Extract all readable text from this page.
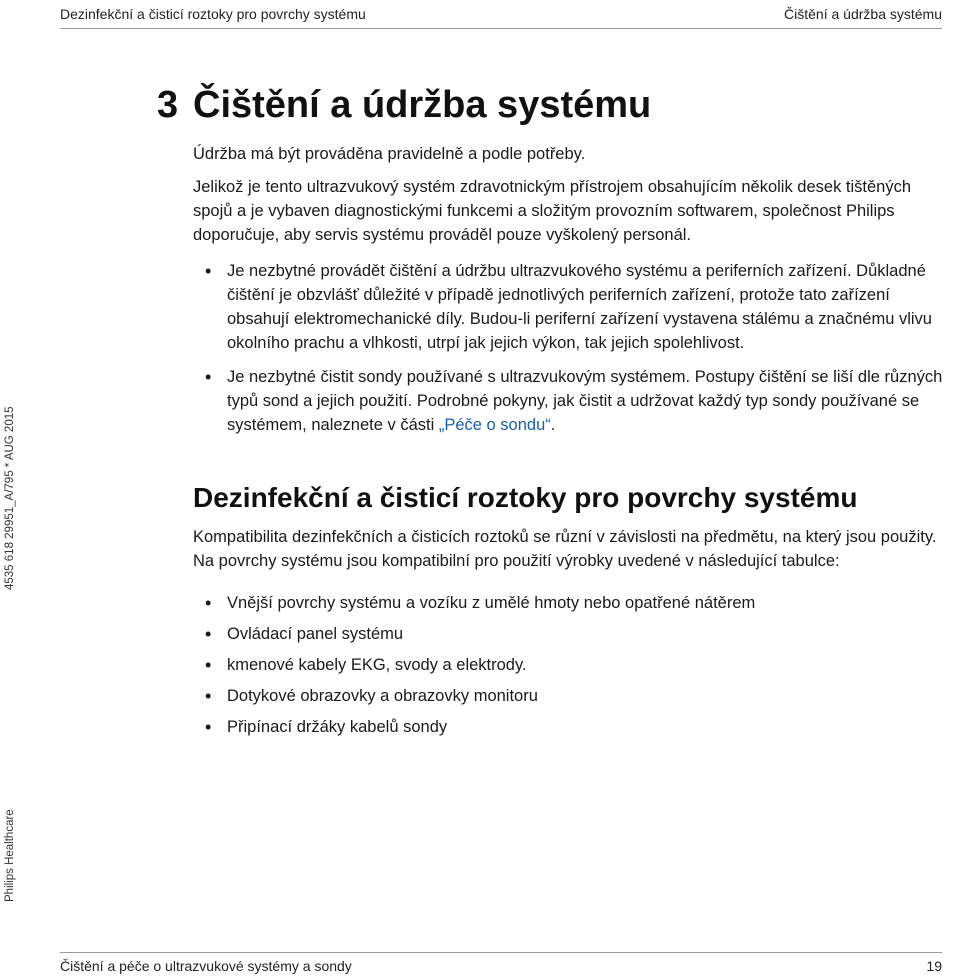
Dezinfekční a čisticí roztoky pro povrchy systému	Čištění a údržba systému
4535 618 29951_A/795 * AUG 2015
Philips Healthcare
3 Čištění a údržba systému

Údržba má být prováděna pravidelně a podle potřeby.

Jelikož je tento ultrazvukový systém zdravotnickým přístrojem obsahujícím několik desek tištěných spojů a je vybaven diagnostickými funkcemi a složitým provozním softwarem, společnost Philips doporučuje, aby servis systému prováděl pouze vyškolený personál.

• Je nezbytné provádět čištění a údržbu ultrazvukového systému a periferních zařízení. Důkladné čištění je obzvlášť důležité v případě jednotlivých periferních zařízení, protože tato zařízení obsahují elektromechanické díly. Budou-li periferní zařízení vystavena stálému a značnému vlivu okolního prachu a vlhkosti, utrpí jak jejich výkon, tak jejich spolehlivost.
• Je nezbytné čistit sondy používané s ultrazvukovým systémem. Postupy čištění se liší dle různých typů sond a jejich použití. Podrobné pokyny, jak čistit a udržovat každý typ sondy používané se systémem, naleznete v části „Péče o sondu“.
Dezinfekční a čisticí roztoky pro povrchy systému

Kompatibilita dezinfekčních a čisticích roztoků se různí v závislosti na předmětu, na který jsou použity. Na povrchy systému jsou kompatibilní pro použití výrobky uvedené v následující tabulce:

• Vnější povrchy systému a vozíku z umělé hmoty nebo opatřené nátěrem
• Ovládací panel systému
• kmenové kabely EKG, svody a elektrody.
• Dotykové obrazovky a obrazovky monitoru
• Připínací držáky kabelů sondy
Čištění a péče o ultrazvukové systémy a sondy	19
